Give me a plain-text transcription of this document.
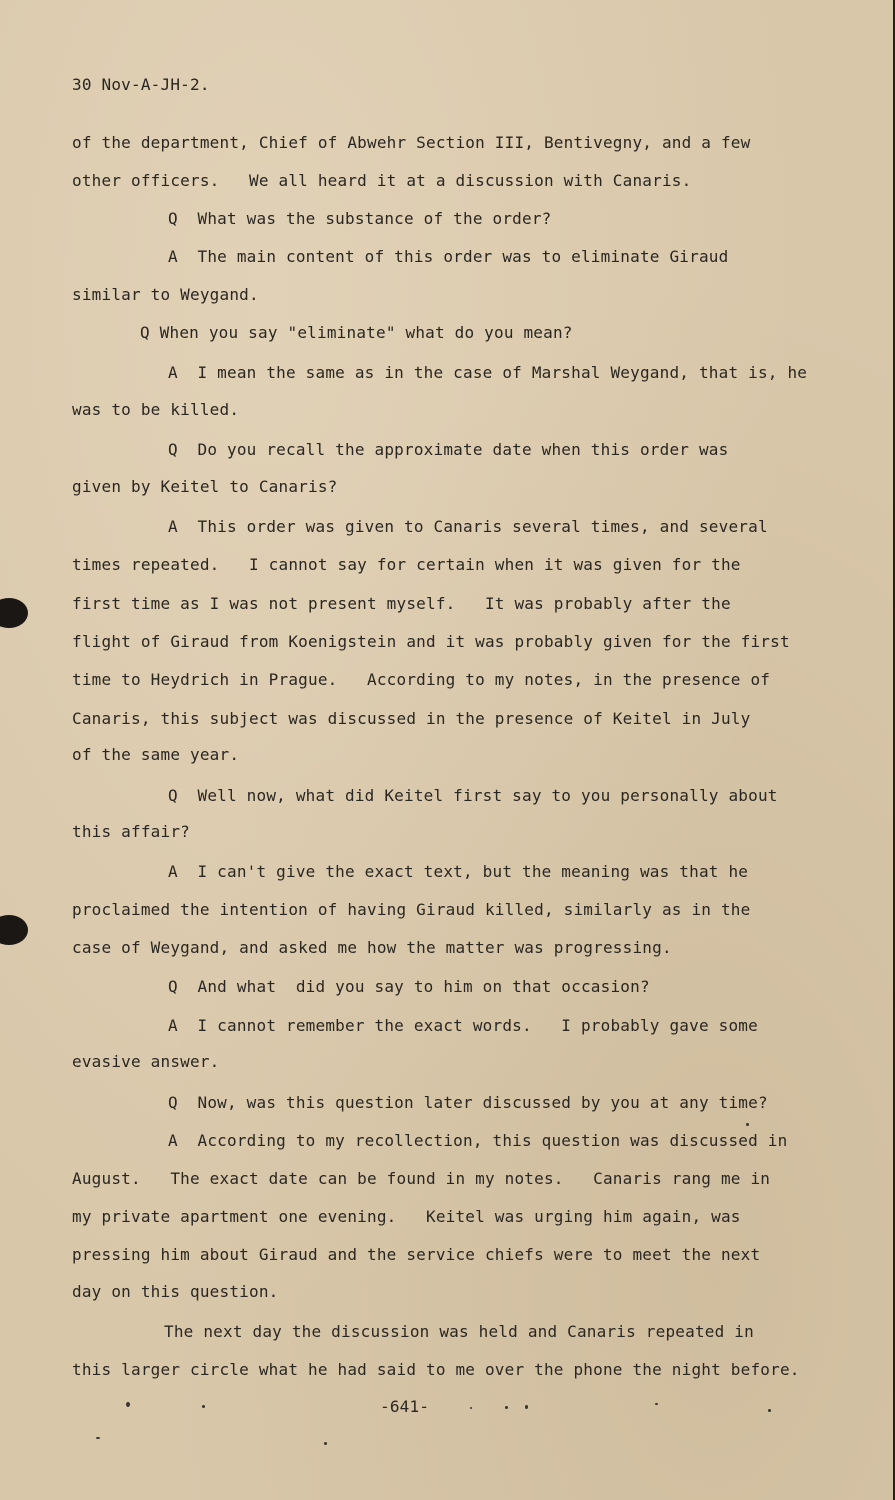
30 Nov-A-JH-2.
of the department, Chief of Abwehr Section III, Bentivegny, and a few
other officers.   We all heard it at a discussion with Canaris.
Q  What was the substance of the order?
A  The main content of this order was to eliminate Giraud
similar to Weygand.
Q When you say "eliminate" what do you mean?
A  I mean the same as in the case of Marshal Weygand, that is, he
was to be killed.
Q  Do you recall the approximate date when this order was
given by Keitel to Canaris?
A  This order was given to Canaris several times, and several
times repeated.   I cannot say for certain when it was given for the
first time as I was not present myself.   It was probably after the
flight of Giraud from Koenigstein and it was probably given for the first
time to Heydrich in Prague.   According to my notes, in the presence of
Canaris, this subject was discussed in the presence of Keitel in July
of the same year.
Q  Well now, what did Keitel first say to you personally about
this affair?
A  I can't give the exact text, but the meaning was that he
proclaimed the intention of having Giraud killed, similarly as in the
case of Weygand, and asked me how the matter was progressing.
Q  And what  did you say to him on that occasion?
A  I cannot remember the exact words.   I probably gave some
evasive answer.
Q  Now, was this question later discussed by you at any time?
A  According to my recollection, this question was discussed in
August.   The exact date can be found in my notes.   Canaris rang me in
my private apartment one evening.   Keitel was urging him again, was
pressing him about Giraud and the service chiefs were to meet the next
day on this question.
The next day the discussion was held and Canaris repeated in
this larger circle what he had said to me over the phone the night before.
-641-
